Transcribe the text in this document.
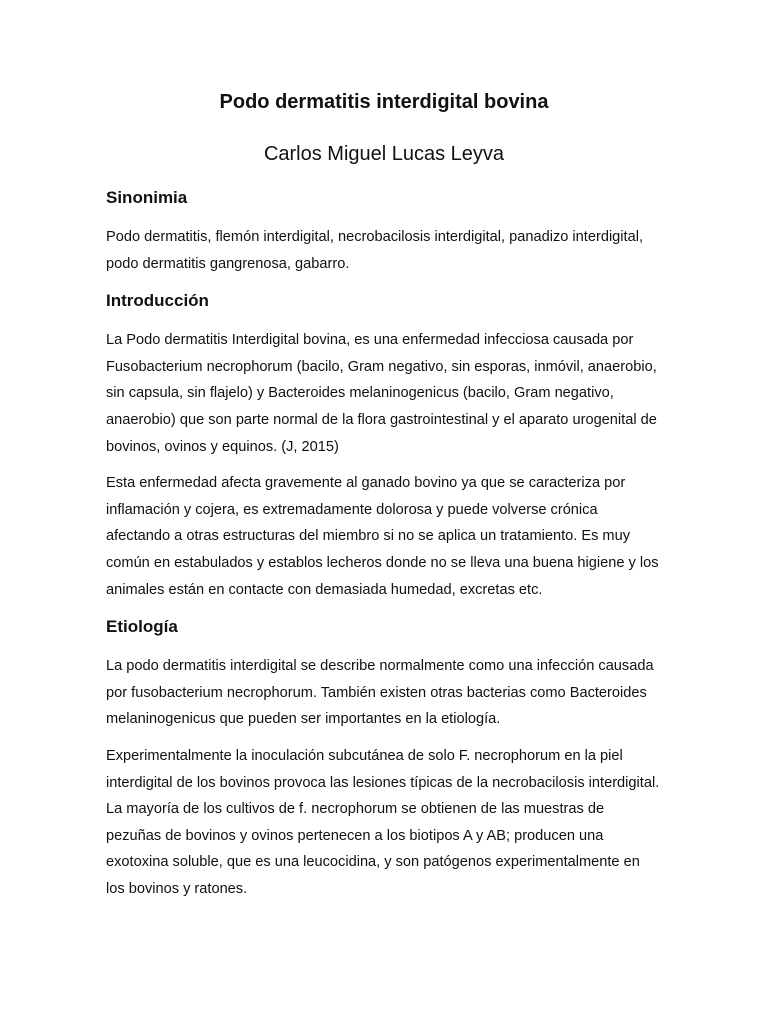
Podo dermatitis interdigital bovina
Carlos Miguel Lucas Leyva
Sinonimia

Podo dermatitis, flemón interdigital, necrobacilosis interdigital, panadizo interdigital, podo dermatitis gangrenosa, gabarro.

Introducción

La Podo dermatitis Interdigital bovina, es una enfermedad infecciosa causada por Fusobacterium necrophorum (bacilo, Gram negativo, sin esporas, inmóvil, anaerobio, sin capsula, sin flajelo) y Bacteroides melaninogenicus (bacilo, Gram negativo, anaerobio) que son parte normal de la flora gastrointestinal y el aparato urogenital de bovinos, ovinos y equinos. (J, 2015)

Esta enfermedad afecta gravemente al ganado bovino ya que se caracteriza por inflamación y cojera, es extremadamente dolorosa y puede volverse crónica afectando a otras estructuras del miembro si no se aplica un tratamiento. Es muy común en estabulados y establos lecheros donde no se lleva una buena higiene y los animales están en contacte con demasiada humedad, excretas etc.

Etiología

La podo dermatitis interdigital se describe normalmente como una infección causada por fusobacterium necrophorum. También existen otras bacterias como Bacteroides melaninogenicus que pueden ser importantes en la etiología.

Experimentalmente la inoculación subcutánea de solo F. necrophorum en la piel interdigital de los bovinos provoca las lesiones típicas de la necrobacilosis interdigital. La mayoría de los cultivos de f. necrophorum se obtienen de las muestras de pezuñas de bovinos y ovinos pertenecen a los biotipos A y AB; producen una exotoxina soluble, que es una leucocidina, y son patógenos experimentalmente en los bovinos y ratones.
